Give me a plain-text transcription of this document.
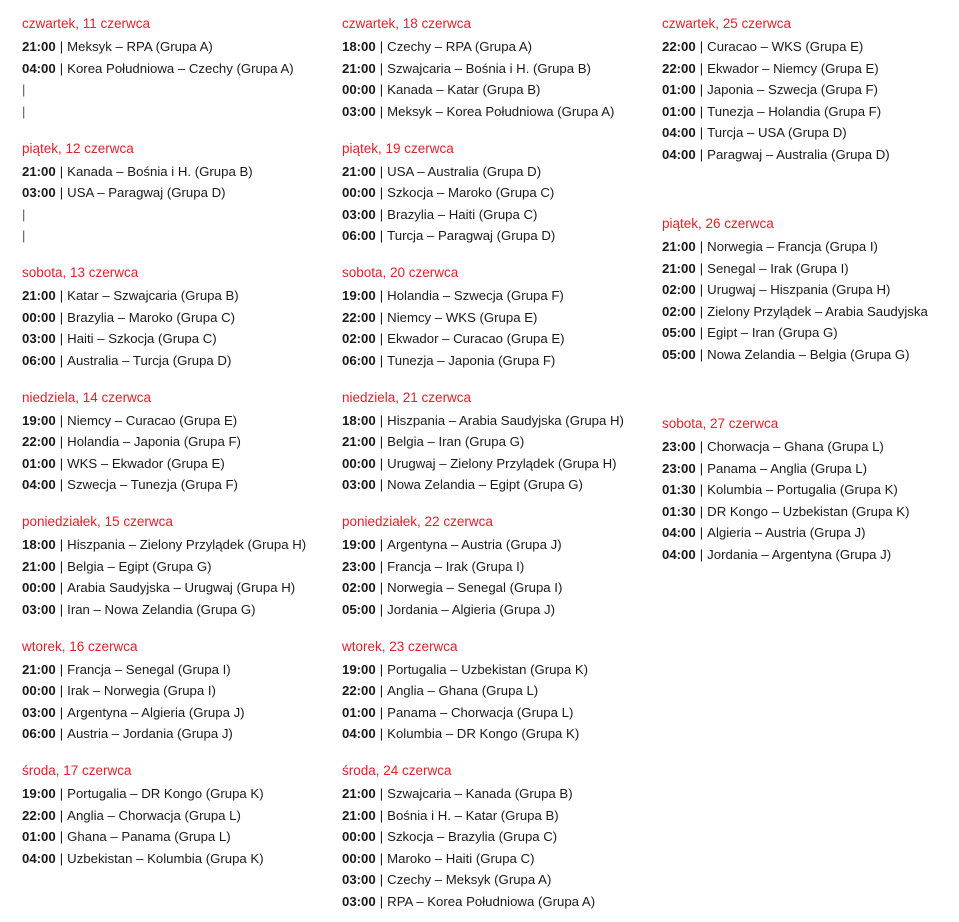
czwartek, 11 czerwca
21:00 | Meksyk – RPA (Grupa A)
04:00 | Korea Południowa – Czechy (Grupa A)
|
|
piątek, 12 czerwca
21:00 | Kanada – Bośnia i H. (Grupa B)
03:00 | USA – Paragwaj (Grupa D)
|
|
sobota, 13 czerwca
21:00 | Katar – Szwajcaria (Grupa B)
00:00 | Brazylia – Maroko (Grupa C)
03:00 | Haiti – Szkocja (Grupa C)
06:00 | Australia – Turcja (Grupa D)
niedziela, 14 czerwca
19:00 | Niemcy – Curacao (Grupa E)
22:00 | Holandia – Japonia (Grupa F)
01:00 | WKS – Ekwador (Grupa E)
04:00 | Szwecja – Tunezja (Grupa F)
poniedziałek, 15 czerwca
18:00 | Hiszpania – Zielony Przylądek (Grupa H)
21:00 | Belgia – Egipt (Grupa G)
00:00 | Arabia Saudyjska – Urugwaj (Grupa H)
03:00 | Iran – Nowa Zelandia (Grupa G)
wtorek, 16 czerwca
21:00 | Francja – Senegal (Grupa I)
00:00 | Irak – Norwegia (Grupa I)
03:00 | Argentyna – Algieria (Grupa J)
06:00 | Austria – Jordania (Grupa J)
środa, 17 czerwca
19:00 | Portugalia – DR Kongo (Grupa K)
22:00 | Anglia – Chorwacja (Grupa L)
01:00 | Ghana – Panama (Grupa L)
04:00 | Uzbekistan – Kolumbia (Grupa K)
czwartek, 18 czerwca
18:00 | Czechy – RPA (Grupa A)
21:00 | Szwajcaria – Bośnia i H. (Grupa B)
00:00 | Kanada – Katar (Grupa B)
03:00 | Meksyk – Korea Południowa (Grupa A)
piątek, 19 czerwca
21:00 | USA – Australia (Grupa D)
00:00 | Szkocja – Maroko (Grupa C)
03:00 | Brazylia – Haiti (Grupa C)
06:00 | Turcja – Paragwaj (Grupa D)
sobota, 20 czerwca
19:00 | Holandia – Szwecja (Grupa F)
22:00 | Niemcy – WKS (Grupa E)
02:00 | Ekwador – Curacao (Grupa E)
06:00 | Tunezja – Japonia (Grupa F)
niedziela, 21 czerwca
18:00 | Hiszpania – Arabia Saudyjska (Grupa H)
21:00 | Belgia – Iran (Grupa G)
00:00 | Urugwaj – Zielony Przylądek (Grupa H)
03:00 | Nowa Zelandia – Egipt (Grupa G)
poniedziałek, 22 czerwca
19:00 | Argentyna – Austria (Grupa J)
23:00 | Francja – Irak (Grupa I)
02:00 | Norwegia – Senegal (Grupa I)
05:00 | Jordania – Algieria (Grupa J)
wtorek, 23 czerwca
19:00 | Portugalia – Uzbekistan (Grupa K)
22:00 | Anglia – Ghana (Grupa L)
01:00 | Panama – Chorwacja (Grupa L)
04:00 | Kolumbia – DR Kongo (Grupa K)
środa, 24 czerwca
21:00 | Szwajcaria – Kanada (Grupa B)
21:00 | Bośnia i H. – Katar (Grupa B)
00:00 | Szkocja – Brazylia (Grupa C)
00:00 | Maroko – Haiti (Grupa C)
03:00 | Czechy – Meksyk (Grupa A)
03:00 | RPA – Korea Południowa (Grupa A)
czwartek, 25 czerwca
22:00 | Curacao – WKS (Grupa E)
22:00 | Ekwador – Niemcy (Grupa E)
01:00 | Japonia – Szwecja (Grupa F)
01:00 | Tunezja – Holandia (Grupa F)
04:00 | Turcja – USA (Grupa D)
04:00 | Paragwaj – Australia (Grupa D)
piątek, 26 czerwca
21:00 | Norwegia – Francja (Grupa I)
21:00 | Senegal – Irak (Grupa I)
02:00 | Urugwaj – Hiszpania (Grupa H)
02:00 | Zielony Przylądek – Arabia Saudyjska
05:00 | Egipt – Iran (Grupa G)
05:00 | Nowa Zelandia – Belgia (Grupa G)
sobota, 27 czerwca
23:00 | Chorwacja – Ghana (Grupa L)
23:00 | Panama – Anglia (Grupa L)
01:30 | Kolumbia – Portugalia (Grupa K)
01:30 | DR Kongo – Uzbekistan (Grupa K)
04:00 | Algieria – Austria (Grupa J)
04:00 | Jordania – Argentyna (Grupa J)
